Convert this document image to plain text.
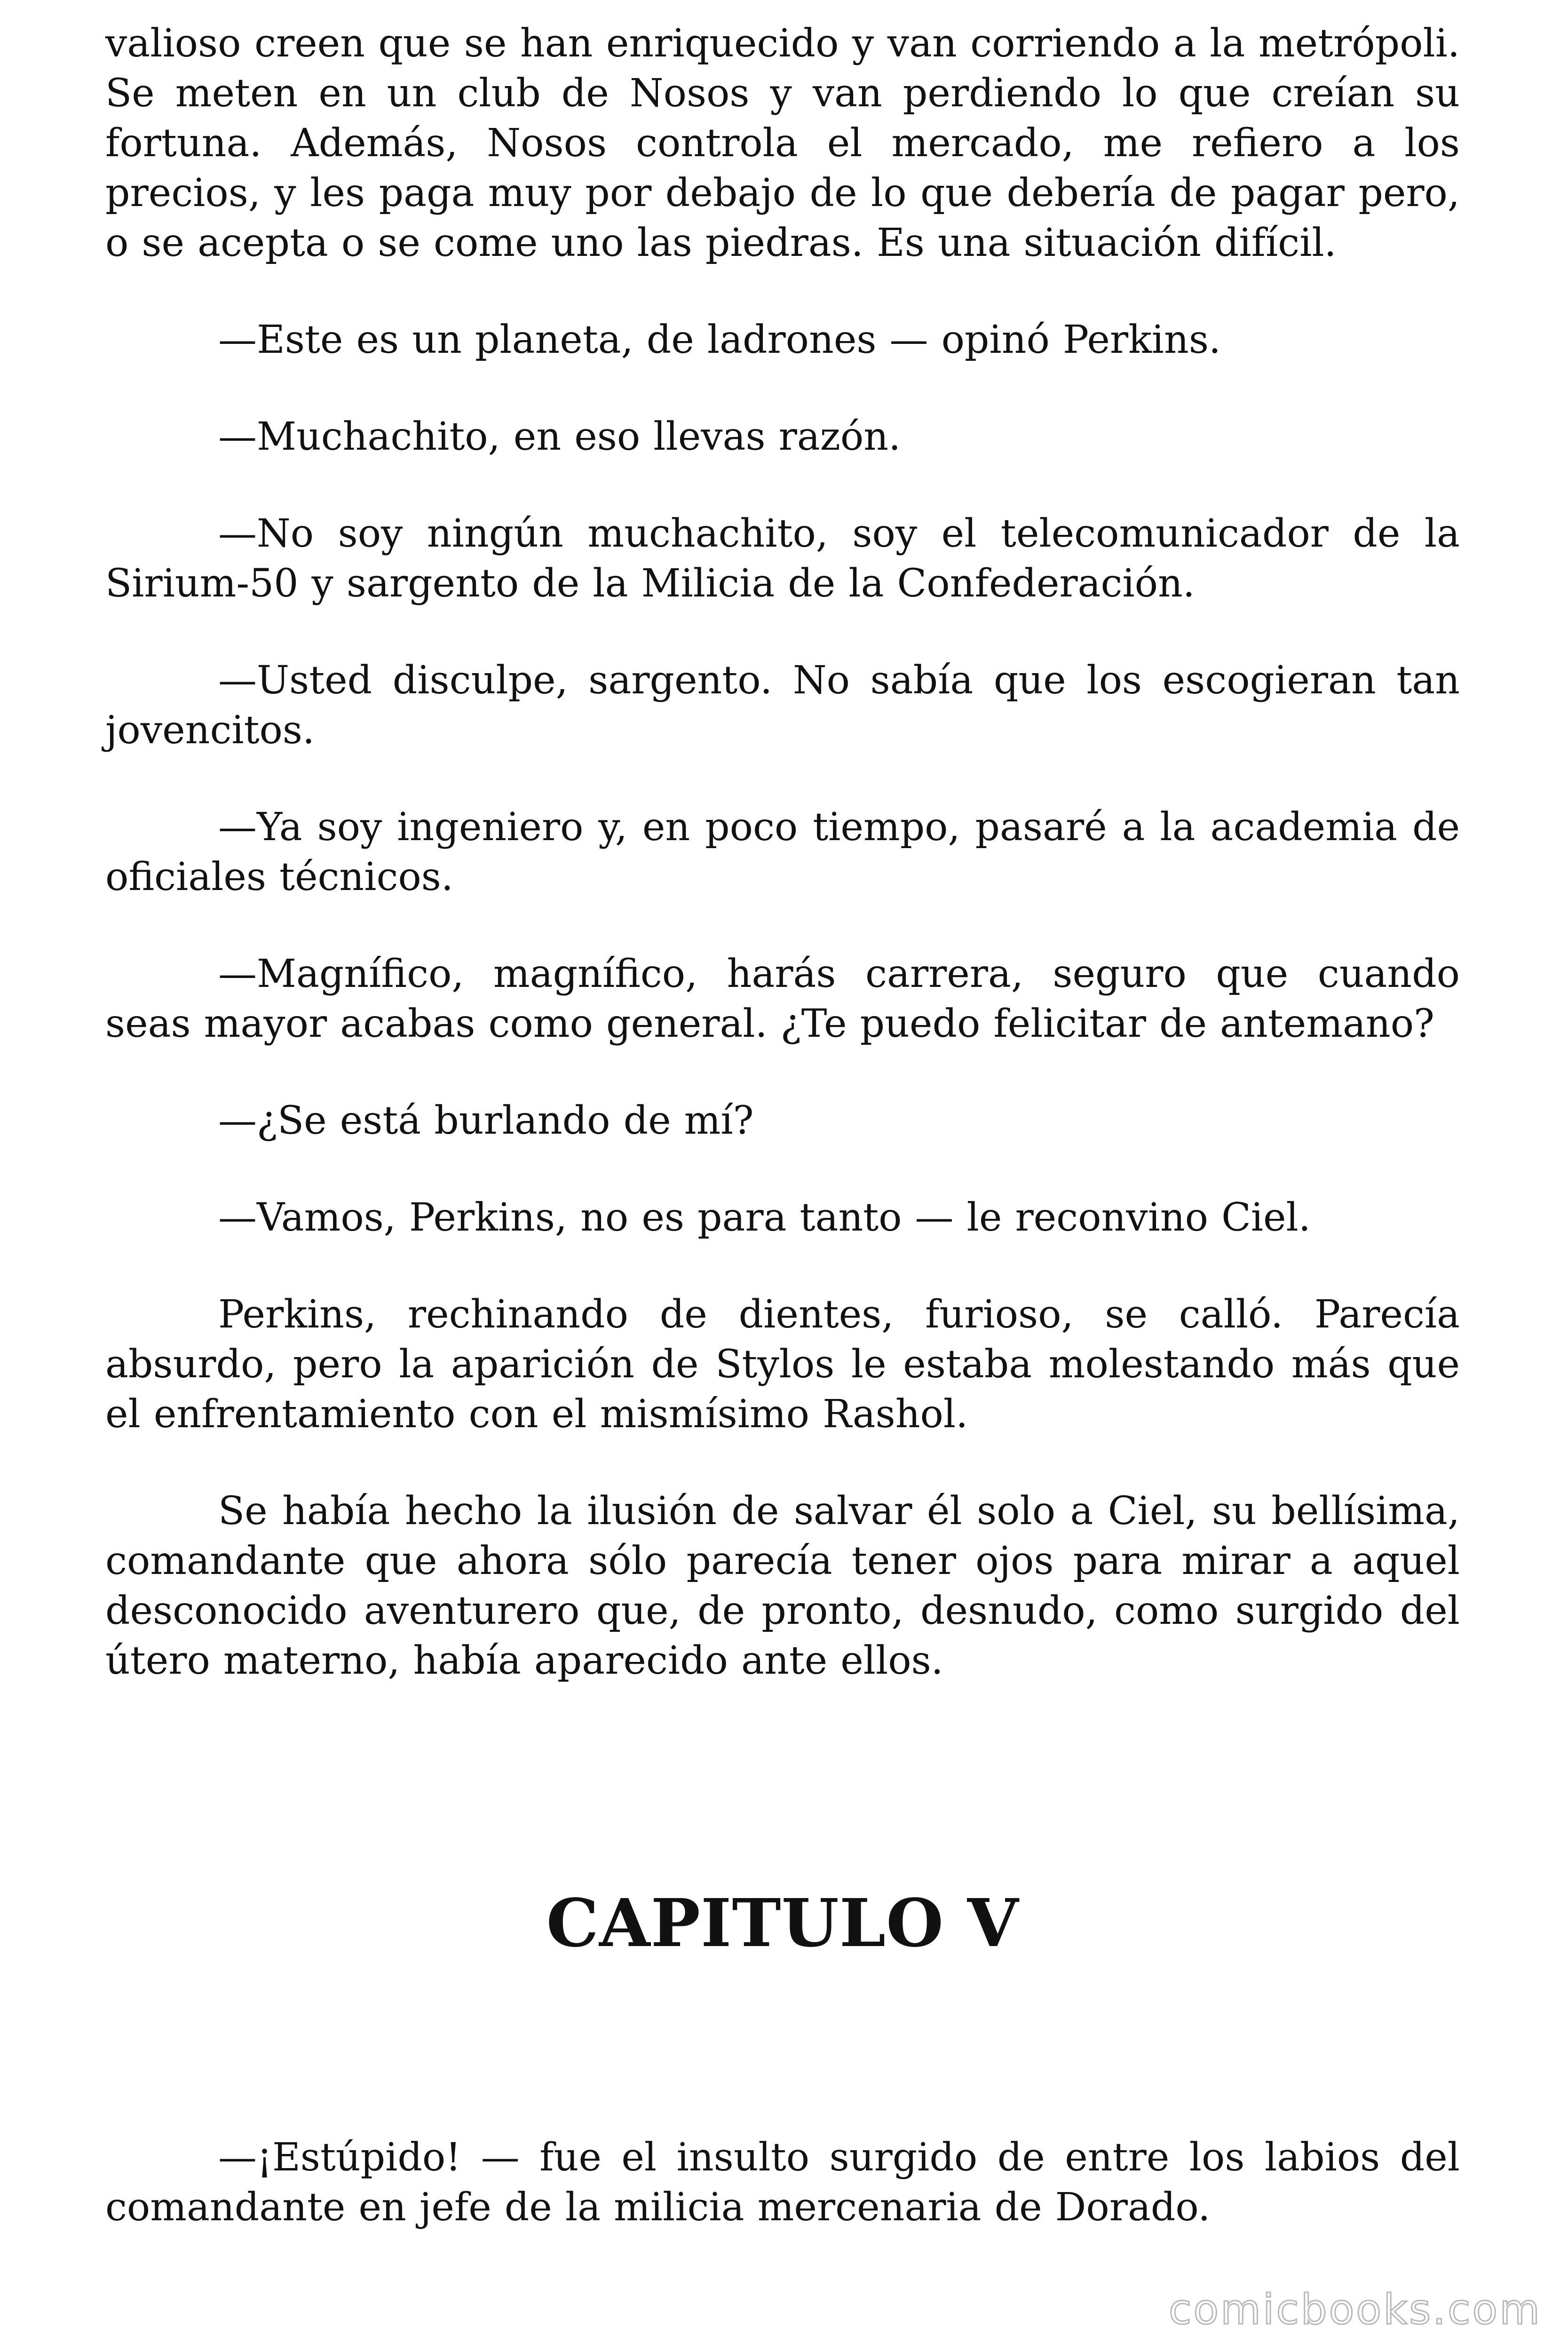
valioso creen que se han enriquecido y van corriendo a la metrópoli. Se meten en un club de Nosos y van perdiendo lo que creían su fortuna. Además, Nosos controla el mercado, me refiero a los precios, y les paga muy por debajo de lo que debería de pagar pero, o se acepta o se come uno las piedras. Es una situación difícil.

—Este es un planeta, de ladrones — opinó Perkins.

—Muchachito, en eso llevas razón.

—No soy ningún muchachito, soy el telecomunicador de la Sirium-50 y sargento de la Milicia de la Confederación.

—Usted disculpe, sargento. No sabía que los escogieran tan jovencitos.

—Ya soy ingeniero y, en poco tiempo, pasaré a la academia de oficiales técnicos.

—Magnífico, magnífico, harás carrera, seguro que cuando seas mayor acabas como general. ¿Te puedo felicitar de antemano?

—¿Se está burlando de mí?

—Vamos, Perkins, no es para tanto — le reconvino Ciel.

Perkins, rechinando de dientes, furioso, se calló. Parecía absurdo, pero la aparición de Stylos le estaba molestando más que el enfrentamiento con el mismísimo Rashol.

Se había hecho la ilusión de salvar él solo a Ciel, su bellísima, comandante que ahora sólo parecía tener ojos para mirar a aquel desconocido aventurero que, de pronto, desnudo, como surgido del útero materno, había aparecido ante ellos.

CAPITULO V

—¡Estúpido! — fue el insulto surgido de entre los labios del comandante en jefe de la milicia mercenaria de Dorado.

comicbooks.com
